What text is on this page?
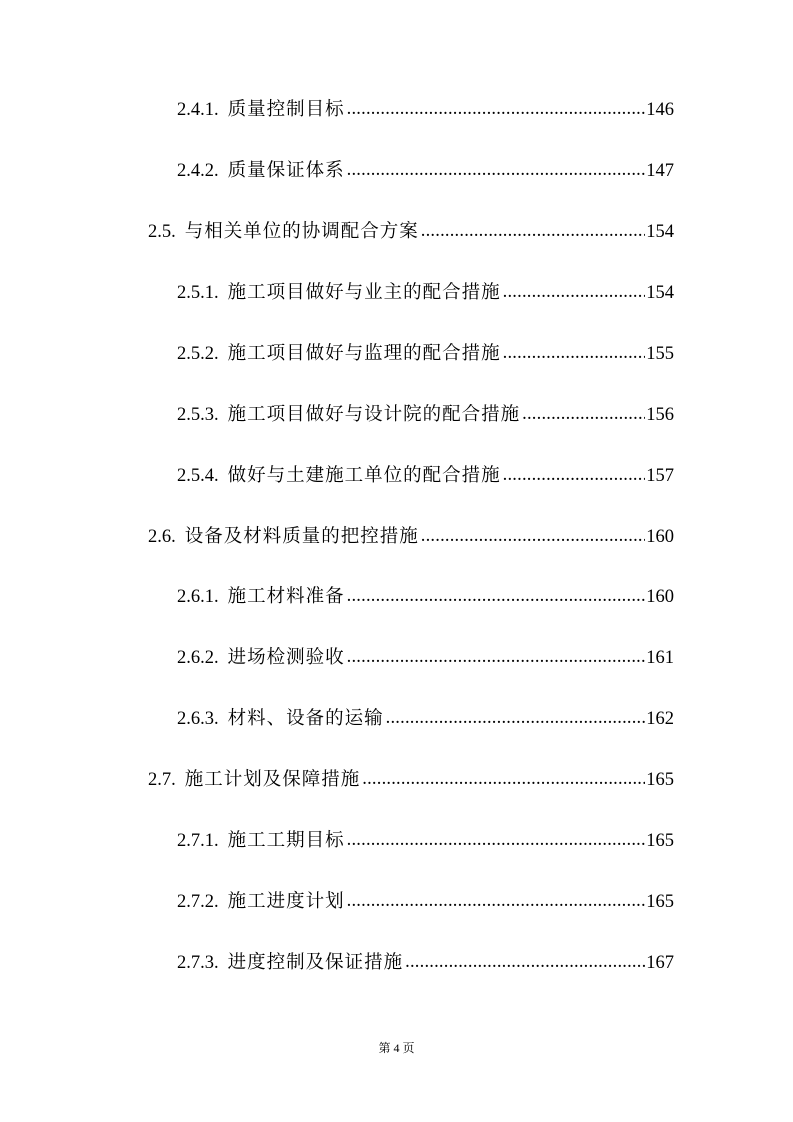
2.4.1. 质量控制目标 .....	146
2.4.2. 质量保证体系 .....	147
2.5. 与相关单位的协调配合方案 .....	154
2.5.1. 施工项目做好与业主的配合措施 .....	154
2.5.2. 施工项目做好与监理的配合措施 .....	155
2.5.3. 施工项目做好与设计院的配合措施 .....	156
2.5.4. 做好与土建施工单位的配合措施 .....	157
2.6. 设备及材料质量的把控措施 .....	160
2.6.1. 施工材料准备 .....	160
2.6.2. 进场检测验收 .....	161
2.6.3. 材料、设备的运输 .....	162
2.7. 施工计划及保障措施 .....	165
2.7.1. 施工工期目标 .....	165
2.7.2. 施工进度计划 .....	165
2.7.3. 进度控制及保证措施 .....	167
第 4 页
